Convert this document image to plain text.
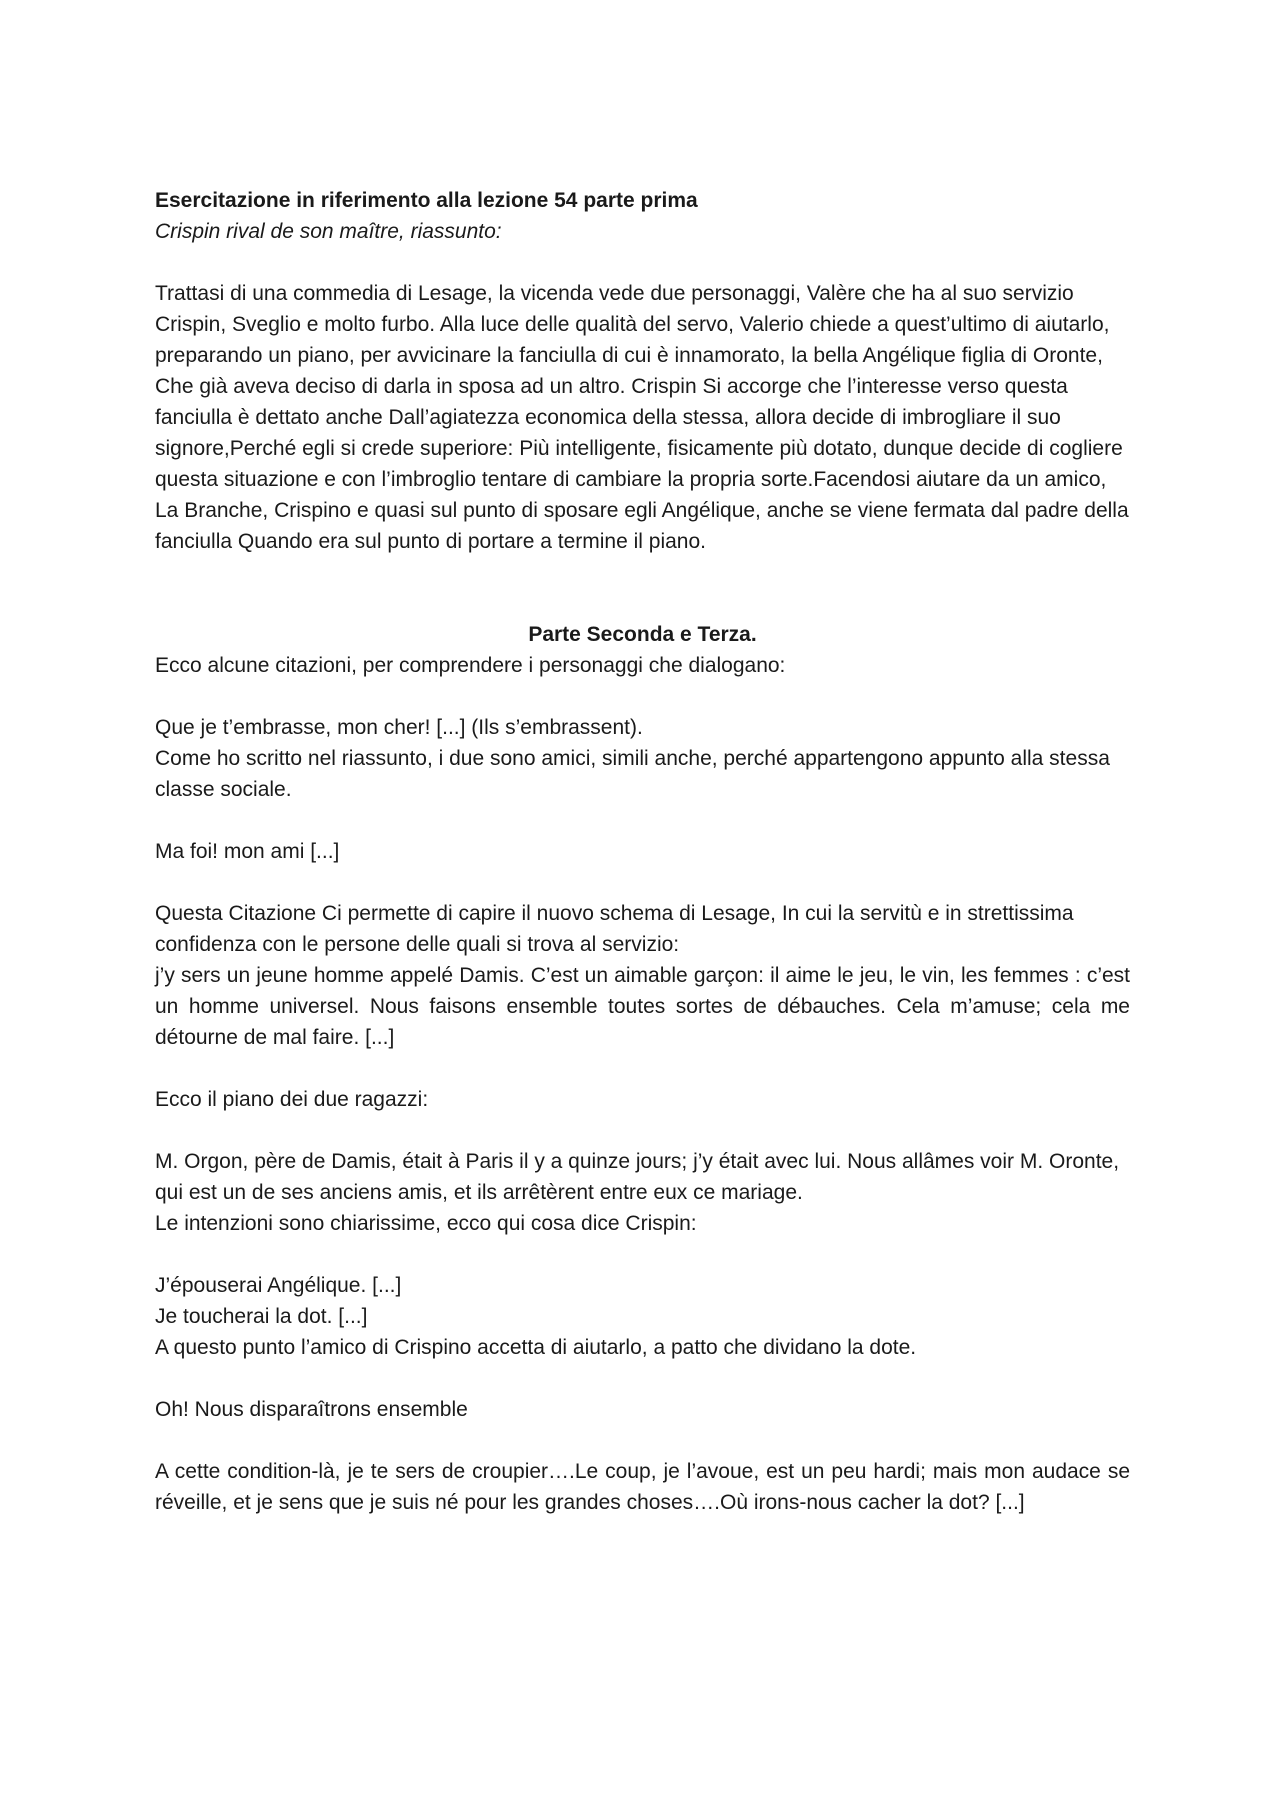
Esercitazione in riferimento alla lezione 54 parte prima

Crispin rival de son maître, riassunto:

Trattasi di una commedia di Lesage, la vicenda vede due personaggi, Valère che ha al suo servizio Crispin, Sveglio e molto furbo. Alla luce delle qualità del servo, Valerio chiede a quest’ultimo di aiutarlo, preparando un piano, per avvicinare la fanciulla di cui è innamorato, la bella Angélique figlia di Oronte, Che già aveva deciso di darla in sposa ad un altro. Crispin Si accorge che l’interesse verso questa fanciulla è dettato anche Dall’agiatezza economica della stessa, allora decide di imbrogliare il suo signore,Perché egli si crede superiore: Più intelligente, fisicamente più dotato, dunque decide di cogliere questa situazione e con l’imbroglio tentare di cambiare la propria sorte.Facendosi aiutare da un amico, La Branche, Crispino e quasi sul punto di sposare egli Angélique, anche se viene fermata dal padre della fanciulla Quando era sul punto di portare a termine il piano.

Parte Seconda e Terza.

Ecco alcune citazioni, per comprendere i personaggi che dialogano:

Que je t’embrasse, mon cher! [...] (Ils s’embrassent).

Come ho scritto nel riassunto, i due sono amici, simili anche, perché appartengono appunto alla stessa classe sociale.

Ma foi! mon ami [...]

Questa Citazione Ci permette di capire il nuovo schema di Lesage, In cui la servitù e in strettissima confidenza con le persone delle quali si trova al servizio:

j’y sers un jeune homme appelé Damis. C’est un aimable garçon: il aime le jeu, le vin, les femmes : c’est un homme universel. Nous faisons ensemble toutes sortes de débauches. Cela m’amuse; cela me détourne de mal faire. [...]

Ecco il piano dei due ragazzi:

M. Orgon, père de Damis, était à Paris il y a quinze jours; j’y était avec lui. Nous allâmes voir M. Oronte, qui est un de ses anciens amis, et ils arrêtèrent entre eux ce mariage.

Le intenzioni sono chiarissime, ecco qui cosa dice Crispin:

J’épouserai Angélique. [...]

Je toucherai la dot. [...]

A questo punto l’amico di Crispino accetta di aiutarlo, a patto che dividano la dote.

Oh! Nous disparaîtrons ensemble

A cette condition-là, je te sers de croupier….Le coup, je l’avoue, est un peu hardi; mais mon audace se réveille, et je sens que je suis né pour les grandes choses….Où irons-nous cacher la dot? [...]
